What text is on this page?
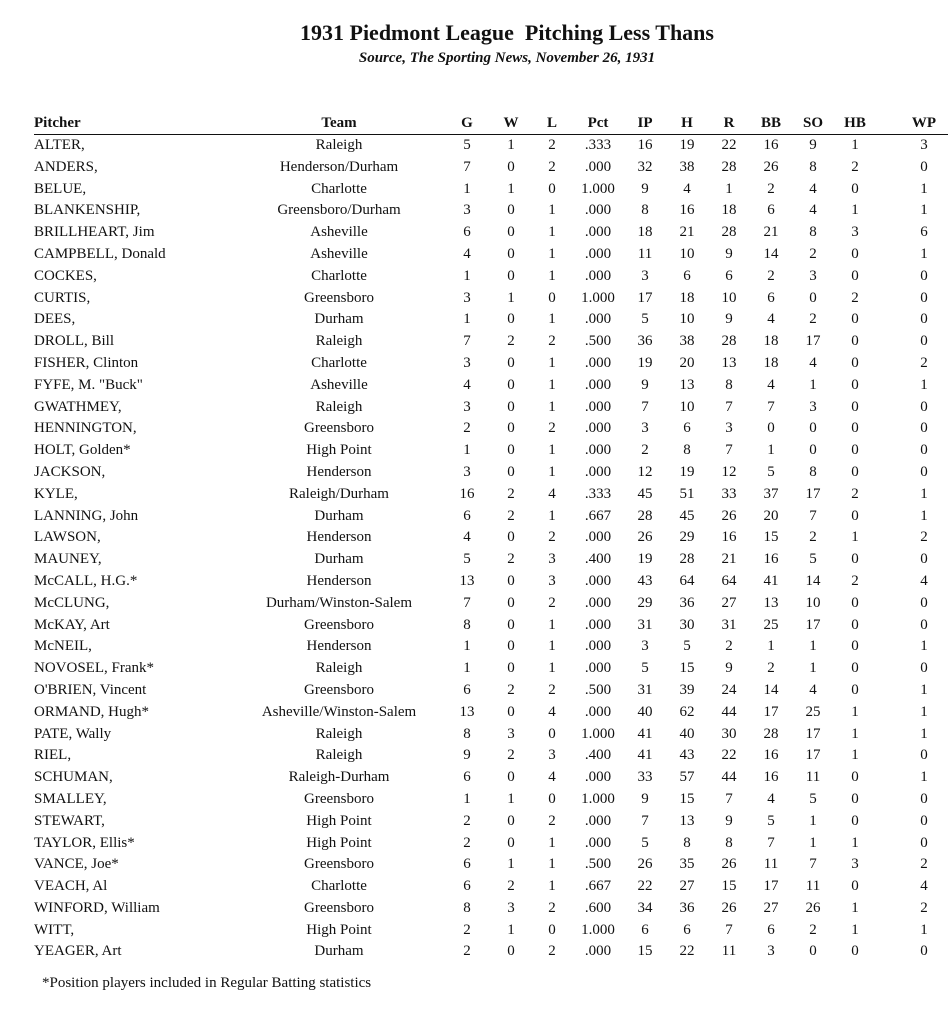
1931 Piedmont League  Pitching Less Thans
Source, The Sporting News, November 26, 1931
Pitcher	Team	G	W	L	Pct	IP	H	R	BB	SO	HB	WP
ALTER,	Raleigh	5	1	2	.333	16	19	22	16	9	1	3
ANDERS,	Henderson/Durham	7	0	2	.000	32	38	28	26	8	2	0
BELUE,	Charlotte	1	1	0	1.000	9	4	1	2	4	0	1
BLANKENSHIP,	Greensboro/Durham	3	0	1	.000	8	16	18	6	4	1	1
BRILLHEART, Jim	Asheville	6	0	1	.000	18	21	28	21	8	3	6
CAMPBELL, Donald	Asheville	4	0	1	.000	11	10	9	14	2	0	1
COCKES,	Charlotte	1	0	1	.000	3	6	6	2	3	0	0
CURTIS,	Greensboro	3	1	0	1.000	17	18	10	6	0	2	0
DEES,	Durham	1	0	1	.000	5	10	9	4	2	0	0
DROLL, Bill	Raleigh	7	2	2	.500	36	38	28	18	17	0	0
FISHER, Clinton	Charlotte	3	0	1	.000	19	20	13	18	4	0	2
FYFE, M. "Buck"	Asheville	4	0	1	.000	9	13	8	4	1	0	1
GWATHMEY,	Raleigh	3	0	1	.000	7	10	7	7	3	0	0
HENNINGTON,	Greensboro	2	0	2	.000	3	6	3	0	0	0	0
HOLT, Golden*	High Point	1	0	1	.000	2	8	7	1	0	0	0
JACKSON,	Henderson	3	0	1	.000	12	19	12	5	8	0	0
KYLE,	Raleigh/Durham	16	2	4	.333	45	51	33	37	17	2	1
LANNING, John	Durham	6	2	1	.667	28	45	26	20	7	0	1
LAWSON,	Henderson	4	0	2	.000	26	29	16	15	2	1	2
MAUNEY,	Durham	5	2	3	.400	19	28	21	16	5	0	0
McCALL, H.G.*	Henderson	13	0	3	.000	43	64	64	41	14	2	4
McCLUNG,	Durham/Winston-Salem	7	0	2	.000	29	36	27	13	10	0	0
McKAY, Art	Greensboro	8	0	1	.000	31	30	31	25	17	0	0
McNEIL,	Henderson	1	0	1	.000	3	5	2	1	1	0	1
NOVOSEL, Frank*	Raleigh	1	0	1	.000	5	15	9	2	1	0	0
O'BRIEN, Vincent	Greensboro	6	2	2	.500	31	39	24	14	4	0	1
ORMAND, Hugh*	Asheville/Winston-Salem	13	0	4	.000	40	62	44	17	25	1	1
PATE, Wally	Raleigh	8	3	0	1.000	41	40	30	28	17	1	1
RIEL,	Raleigh	9	2	3	.400	41	43	22	16	17	1	0
SCHUMAN,	Raleigh-Durham	6	0	4	.000	33	57	44	16	11	0	1
SMALLEY,	Greensboro	1	1	0	1.000	9	15	7	4	5	0	0
STEWART,	High Point	2	0	2	.000	7	13	9	5	1	0	0
TAYLOR, Ellis*	High Point	2	0	1	.000	5	8	8	7	1	1	0
VANCE, Joe*	Greensboro	6	1	1	.500	26	35	26	11	7	3	2
VEACH, Al	Charlotte	6	2	1	.667	22	27	15	17	11	0	4
WINFORD, William	Greensboro	8	3	2	.600	34	36	26	27	26	1	2
WITT,	High Point	2	1	0	1.000	6	6	7	6	2	1	1
YEAGER, Art	Durham	2	0	2	.000	15	22	11	3	0	0	0
*Position players included in Regular Batting statistics
